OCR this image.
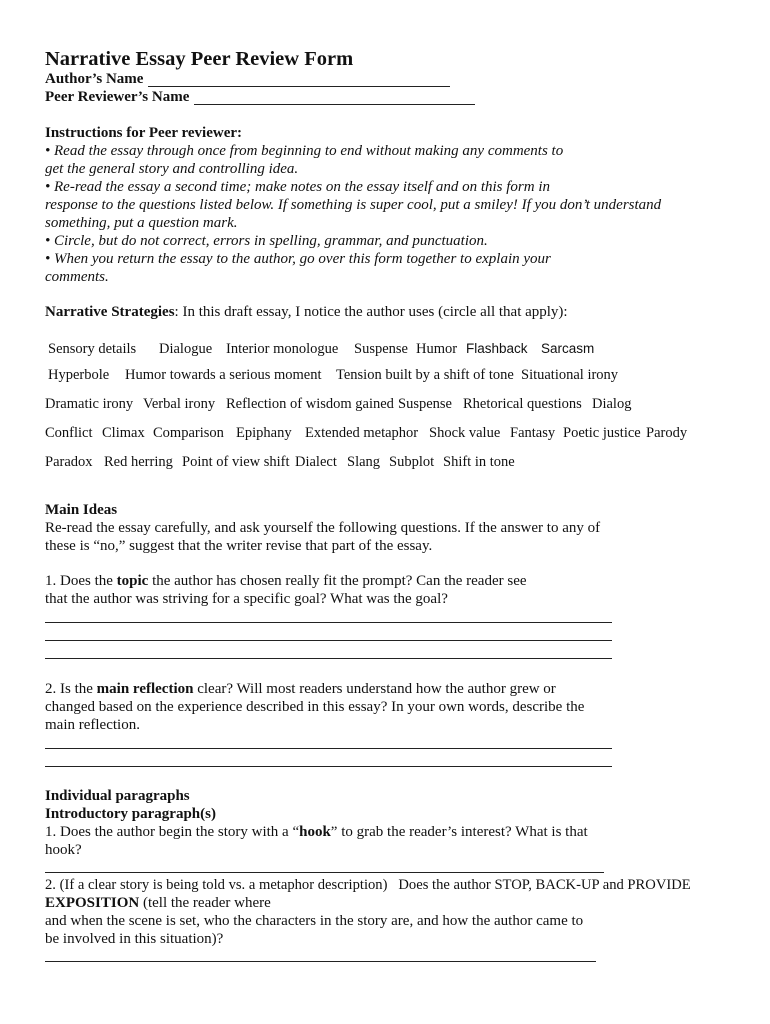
Narrative Essay Peer Review Form
Author’s Name
Peer Reviewer’s Name
Instructions for Peer reviewer:
• Read the essay through once from beginning to end without making any comments to
get the general story and controlling idea.
• Re-read the essay a second time; make notes on the essay itself and on this form in
response to the questions listed below. If something is super cool, put a smiley! If you don’t understand
something, put a question mark.
• Circle, but do not correct, errors in spelling, grammar, and punctuation.
• When you return the essay to the author, go over this form together to explain your
comments.
Narrative Strategies: In this draft essay, I notice the author uses (circle all that apply):
Sensory details Dialogue Interior monologue Suspense Humor Flashback Sarcasm
Hyperbole Humor towards a serious moment Tension built by a shift of tone Situational irony
Dramatic irony Verbal irony Reflection of wisdom gained Suspense Rhetorical questions Dialog
Conflict Climax Comparison Epiphany Extended metaphor Shock value Fantasy Poetic justice Parody
Paradox Red herring Point of view shift Dialect Slang Subplot Shift in tone
Main Ideas
Re-read the essay carefully, and ask yourself the following questions. If the answer to any of
these is “no,” suggest that the writer revise that part of the essay.
1. Does the topic the author has chosen really fit the prompt? Can the reader see
that the author was striving for a specific goal? What was the goal?
2. Is the main reflection clear? Will most readers understand how the author grew or
changed based on the experience described in this essay? In your own words, describe the
main reflection.
Individual paragraphs
Introductory paragraph(s)
1. Does the author begin the story with a “hook” to grab the reader’s interest? What is that
hook?
2. (If a clear story is being told vs. a metaphor description)   Does the author STOP, BACK-UP and PROVIDE
EXPOSITION (tell the reader where
and when the scene is set, who the characters in the story are, and how the author came to
be involved in this situation)?
